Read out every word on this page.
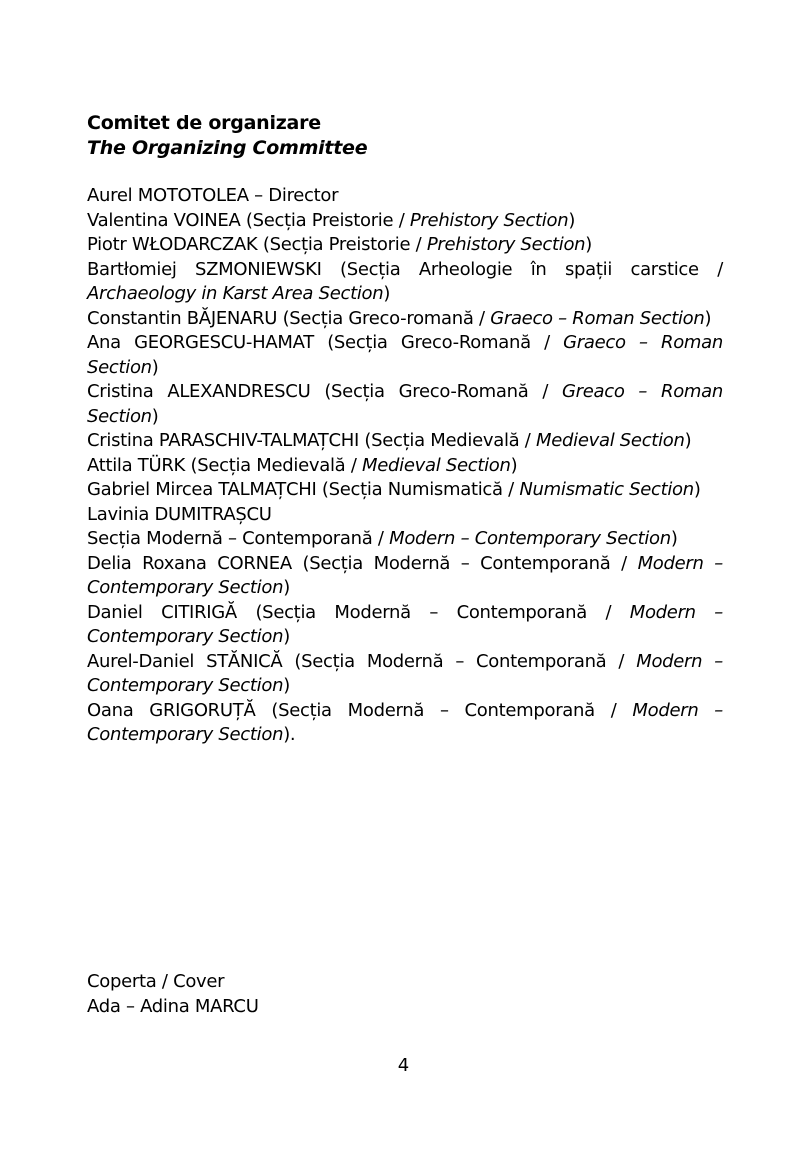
Comitet de organizare
The Organizing Committee
Aurel MOTOTOLEA – Director
Valentina VOINEA (Secția Preistorie / Prehistory Section)
Piotr WŁODARCZAK (Secția Preistorie / Prehistory Section)
Bartłomiej SZMONIEWSKI (Secția Arheologie în spații carstice / Archaeology in Karst Area Section)
Constantin BĂJENARU (Secția Greco-romană / Graeco – Roman Section)
Ana GEORGESCU-HAMAT (Secția Greco-Romană / Graeco – Roman Section)
Cristina ALEXANDRESCU (Secția Greco-Romană / Greaco – Roman Section)
Cristina PARASCHIV-TALMAȚCHI (Secția Medievală / Medieval Section)
Attila TÜRK (Secția Medievală / Medieval Section)
Gabriel Mircea TALMAȚCHI (Secția Numismatică / Numismatic Section)
Lavinia DUMITRAȘCU
Secția Modernă – Contemporană / Modern – Contemporary Section)
Delia Roxana CORNEA (Secția Modernă – Contemporană / Modern – Contemporary Section)
Daniel CITIRIGĂ (Secția Modernă – Contemporană / Modern – Contemporary Section)
Aurel-Daniel STĂNICĂ (Secția Modernă – Contemporană / Modern – Contemporary Section)
Oana GRIGORUȚĂ (Secția Modernă – Contemporană / Modern – Contemporary Section).
Coperta / Cover
Ada – Adina MARCU
4
